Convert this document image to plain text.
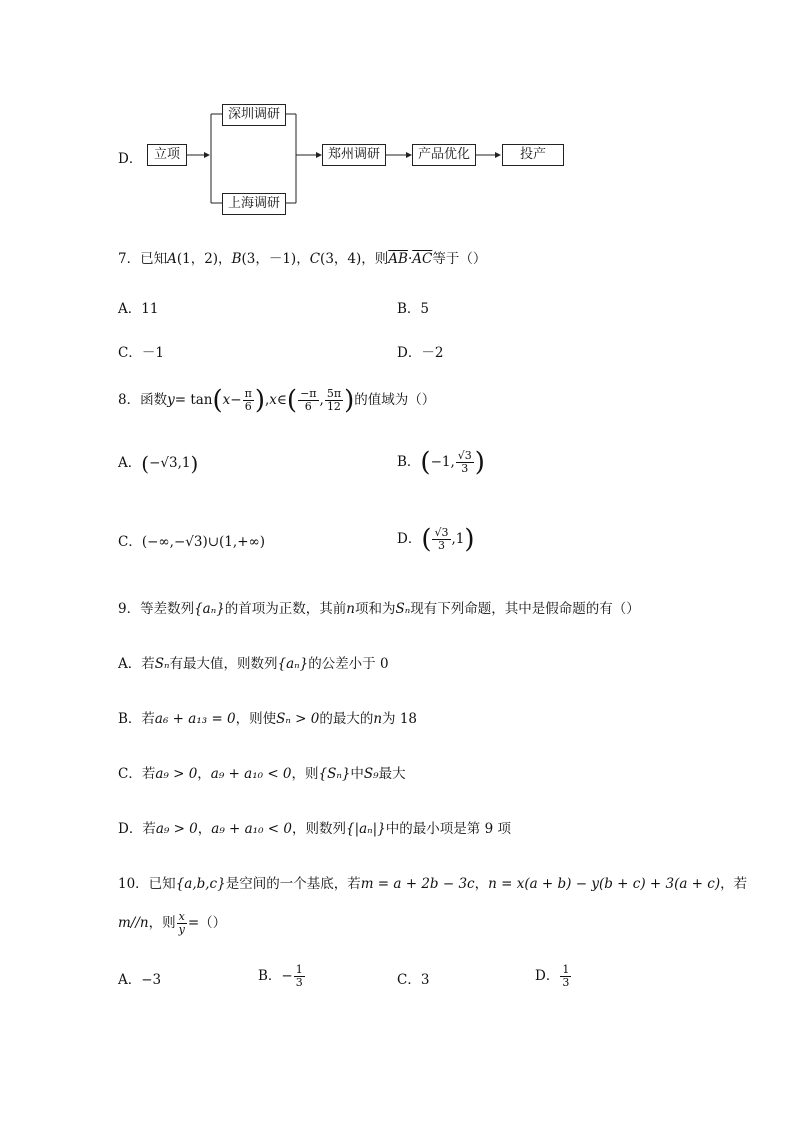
D． 立项
深圳调研
上海调研
郑州调研	产品优化	投产
7．已知A(1，2)，B(3，－1)，C(3，4)，则$\overline{AB}\cdot\overline{AC}$等于（）
A．11	B．5
C．－1	D．－2
8．函数$y= \tan(x- \frac{\pi}{6}$ ),x∈( $\frac{-\pi}{6}$ , $\frac{5\pi}{12}$ )的值域为（）
A．(−√3,1)	B．(−1, $\frac{√3}{3}$ )
C．(−∞,−√3)∪(1,+∞)	D．( $\frac{√3}{3} ,1$)
9．等差数列{aₙ}的首项为正数，其前n项和为Sₙ现有下列命题，其中是假命题的有（）
A．若Sₙ有最大值，则数列{aₙ}的公差小于 0
B．若a₆ + a₁₃ = 0，则使Sₙ > 0的最大的n为 18
C．若a₉ > 0，a₉ + a₁₀ < 0，则{Sₙ}中S₉最大
D．若a₉ > 0，a₉ + a₁₀ < 0，则数列{|aₙ|}中的最小项是第 9 项
10．已知{a,b,c}是空间的一个基底，若m = a + 2b − 3c，n = x(a + b) − y(b + c) + 3(a + c)，若
m//n，则 $\frac{x}{y}$ =（）
A．−3	B．− $\frac{1}{3}$	C．3	D． $\frac{1}{3}$
